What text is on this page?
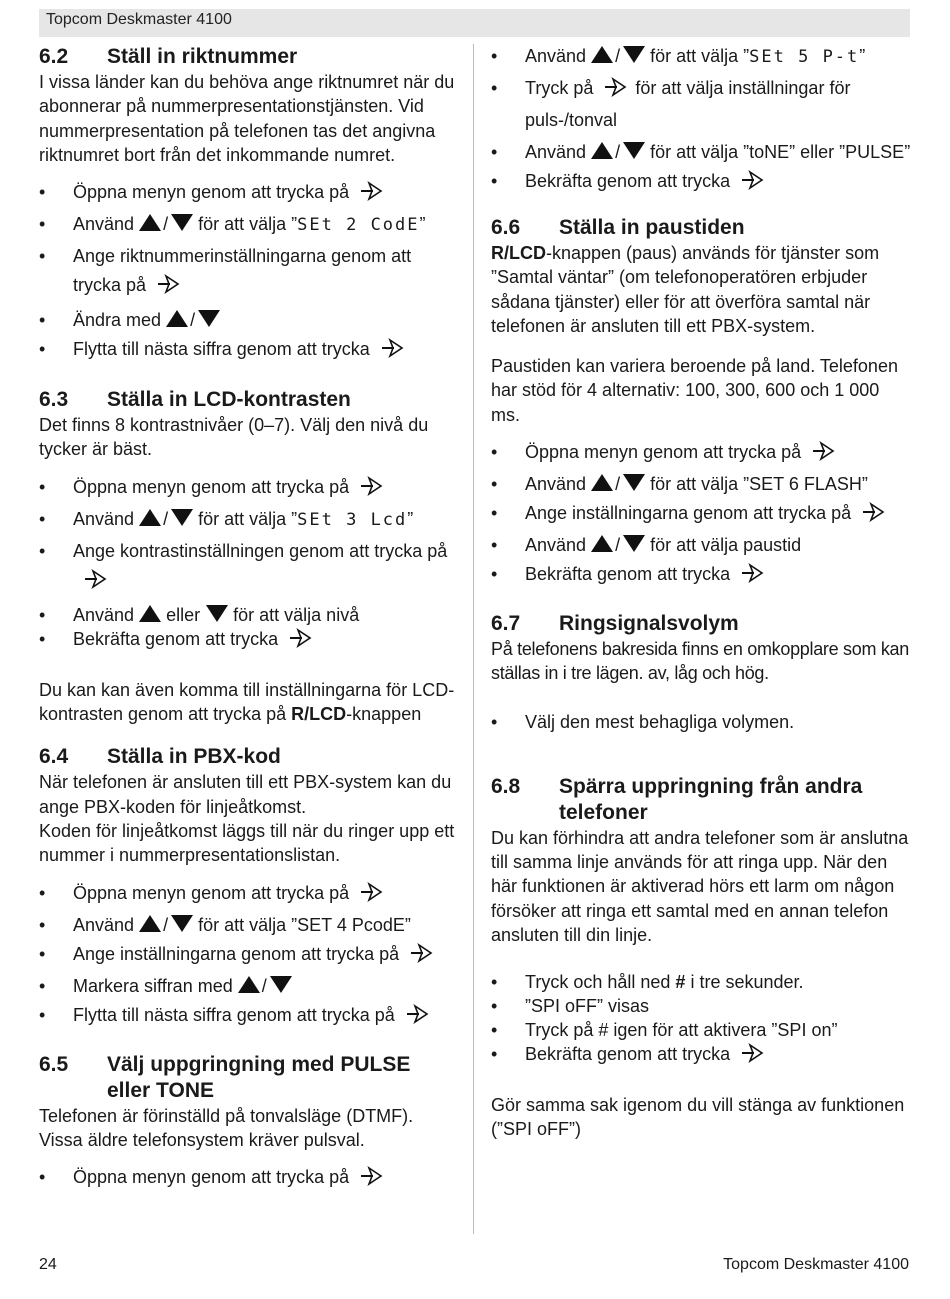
Topcom Deskmaster 4100
6.2	Ställ in riktnummer

I vissa länder kan du behöva ange riktnumret när du abonnerar på nummerpresentationstjänsten. Vid nummerpresentation på telefonen tas det angivna riktnumret bort från det inkommande numret.

• Öppna menyn genom att trycka på
• Använd / för att välja ”SEt 2 CodE”
• Ange riktnummerinställningarna genom att trycka på
• Ändra med /
• Flytta till nästa siffra genom att trycka
6.3	Ställa in LCD-kontrasten

Det finns 8 kontrastnivåer (0–7). Välj den nivå du tycker är bäst.

• Öppna menyn genom att trycka på
• Använd / för att välja ”SEt 3 Lcd”
• Ange kontrastinställningen genom att trycka på
• Använd eller för att välja nivå
• Bekräfta genom att trycka

Du kan kan även komma till inställningarna för LCD-kontrasten genom att trycka på R/LCD-knappen

6.4	Ställa in PBX-kod

När telefonen är ansluten till ett PBX-system kan du ange PBX-koden för linjeåtkomst.

Koden för linjeåtkomst läggs till när du ringer upp ett nummer i nummerpresentationslistan.

• Öppna menyn genom att trycka på
• Använd / för att välja ”SET 4 PcodE”
• Ange inställningarna genom att trycka på
• Markera siffran med /
• Flytta till nästa siffra genom att trycka på
6.5	Välj uppgringning med PULSE eller TONE

Telefonen är förinställd på tonvalsläge (DTMF). Vissa äldre telefonsystem kräver pulsval.

• Öppna menyn genom att trycka på
• Använd / för att välja ”SEt 5 P-t”
• Tryck på för att välja inställningar för puls-/tonval
• Använd / för att välja ”toNE” eller ”PULSE”
• Bekräfta genom att trycka
6.6	Ställa in paustiden

R/LCD-knappen (paus) används för tjänster som ”Samtal väntar” (om telefonoperatören erbjuder sådana tjänster) eller för att överföra samtal när telefonen är ansluten till ett PBX-system.

Paustiden kan variera beroende på land. Telefonen har stöd för 4 alternativ: 100, 300, 600 och 1 000 ms.

• Öppna menyn genom att trycka på
• Använd / för att välja ”SET 6 FLASH”
• Ange inställningarna genom att trycka på
• Använd / för att välja paustid
• Bekräfta genom att trycka
6.7	Ringsignalsvolym

På telefonens bakresida finns en omkopplare som kan ställas in i tre lägen. av, låg och hög.

• Välj den mest behagliga volymen.
6.8	Spärra uppringning från andra telefoner

Du kan förhindra att andra telefoner som är anslutna till samma linje används för att ringa upp. När den här funktionen är aktiverad hörs ett larm om någon försöker att ringa ett samtal med en annan telefon ansluten till din linje.

• Tryck och håll ned # i tre sekunder.
• ”SPI oFF” visas
• Tryck på # igen för att aktivera ”SPI on”
• Bekräfta genom att trycka

Gör samma sak igenom du vill stänga av funktionen (”SPI oFF”)

24	Topcom Deskmaster 4100
